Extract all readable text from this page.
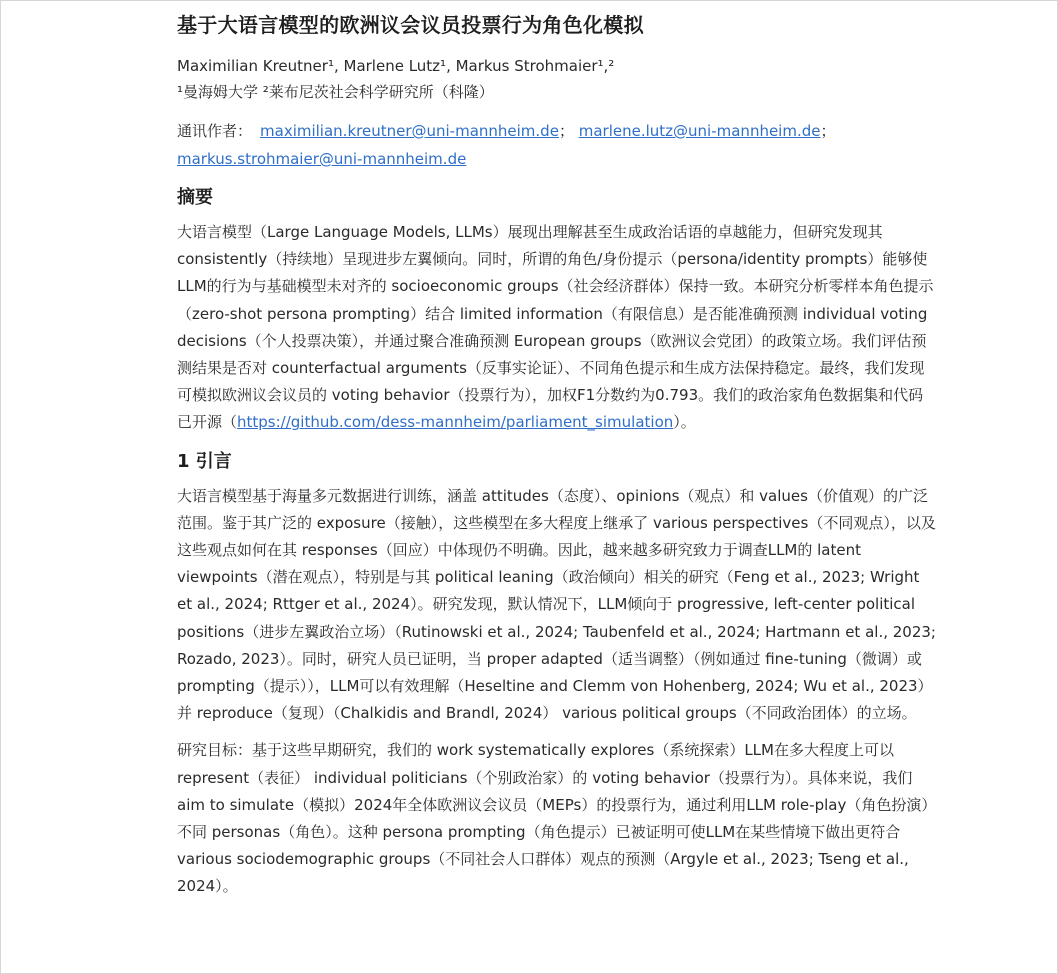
基于大语言模型的欧洲议会议员投票行为角色化模拟
Maximilian Kreutner¹, Marlene Lutz¹, Markus Strohmaier¹,²
¹曼海姆大学 ²莱布尼茨社会科学研究所（科隆）
通讯作者： maximilian.kreutner@uni-mannheim.de； marlene.lutz@uni-mannheim.de；
markus.strohmaier@uni-mannheim.de
摘要

大语言模型（Large Language Models, LLMs）展现出理解甚至生成政治话语的卓越能力，但研究发现其 consistently（持续地）呈现进步左翼倾向。同时，所谓的角色/身份提示（persona/identity prompts）能够使LLM的行为与基础模型未对齐的 socioeconomic groups（社会经济群体）保持一致。本研究分析零样本角色提示（zero-shot persona prompting）结合 limited information（有限信息）是否能准确预测 individual voting decisions（个人投票决策），并通过聚合准确预测 European groups（欧洲议会党团）的政策立场。我们评估预测结果是否对 counterfactual arguments（反事实论证）、不同角色提示和生成方法保持稳定。最终，我们发现可模拟欧洲议会议员的 voting behavior（投票行为），加权F1分数约为0.793。我们的政治家角色数据集和代码已开源（https://github.com/dess-mannheim/parliament_simulation）。

1 引言

大语言模型基于海量多元数据进行训练，涵盖 attitudes（态度）、opinions（观点）和 values（价值观）的广泛范围。鉴于其广泛的 exposure（接触），这些模型在多大程度上继承了 various perspectives（不同观点），以及这些观点如何在其 responses（回应）中体现仍不明确。因此，越来越多研究致力于调查LLM的 latent viewpoints（潜在观点），特别是与其 political leaning（政治倾向）相关的研究（Feng et al., 2023; Wright et al., 2024; Rttger et al., 2024）。研究发现，默认情况下，LLM倾向于 progressive, left-center political positions（进步左翼政治立场）（Rutinowski et al., 2024; Taubenfeld et al., 2024; Hartmann et al., 2023; Rozado, 2023）。同时，研究人员已证明，当 proper adapted（适当调整）（例如通过 fine-tuning（微调）或 prompting（提示）），LLM可以有效理解（Heseltine and Clemm von Hohenberg, 2024; Wu et al., 2023）并 reproduce（复现）（Chalkidis and Brandl, 2024） various political groups（不同政治团体）的立场。

研究目标：基于这些早期研究，我们的 work systematically explores（系统探索）LLM在多大程度上可以 represent（表征） individual politicians（个别政治家）的 voting behavior（投票行为）。具体来说，我们 aim to simulate（模拟）2024年全体欧洲议会议员（MEPs）的投票行为，通过利用LLM role-play（角色扮演）不同 personas（角色）。这种 persona prompting（角色提示）已被证明可使LLM在某些情境下做出更符合 various sociodemographic groups（不同社会人口群体）观点的预测（Argyle et al., 2023; Tseng et al., 2024）。
